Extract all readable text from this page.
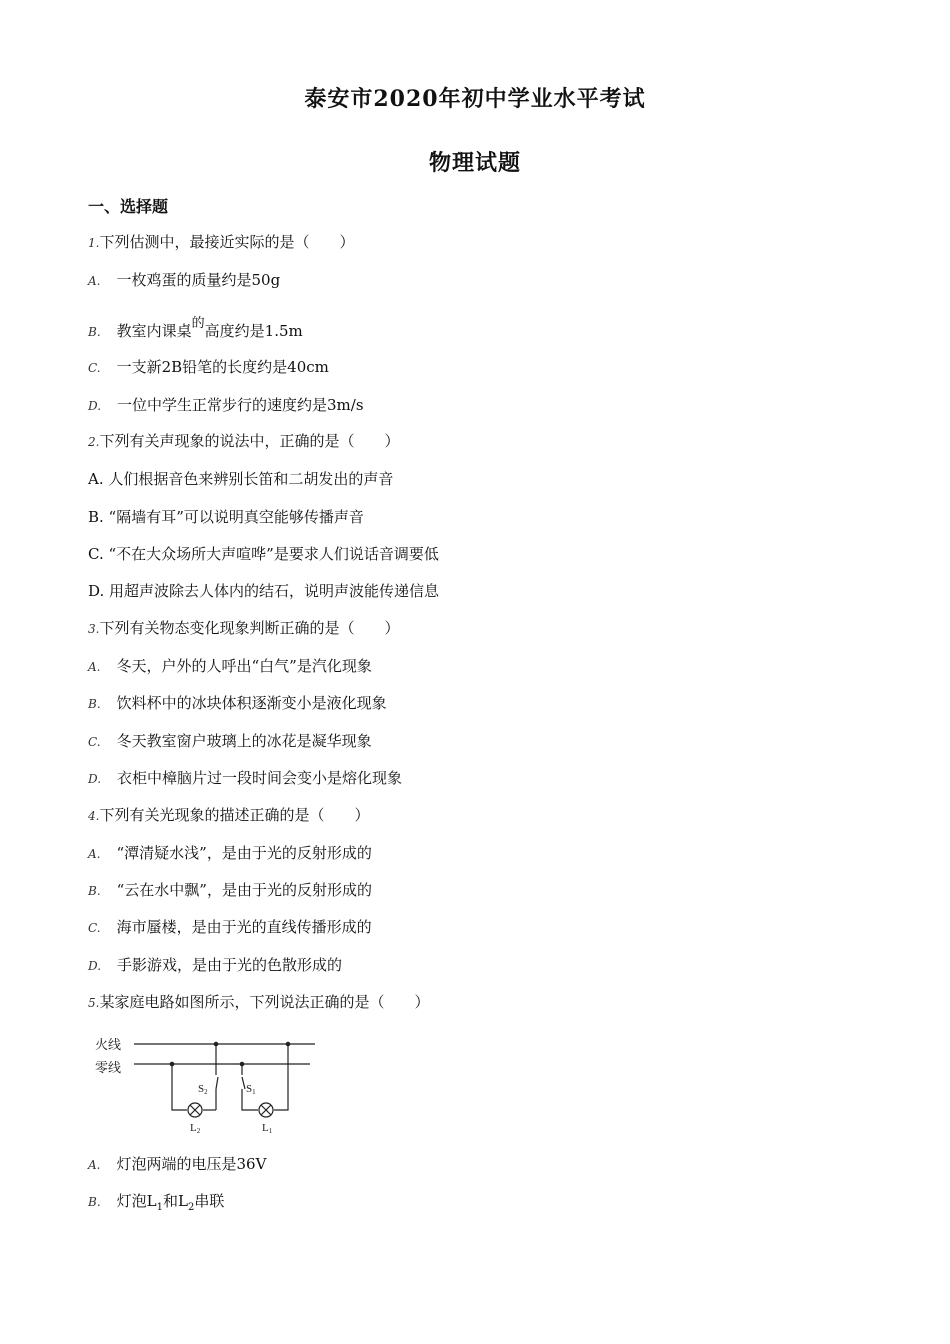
泰安市2020年初中学业水平考试
物理试题
一、选择题
1.下列估测中，最接近实际的是（　　）
A. 一枚鸡蛋的质量约是50g
B. 教室内课桌的高度约是1.5m
C. 一支新2B铅笔的长度约是40cm
D. 一位中学生正常步行的速度约是3m/s
2.下列有关声现象的说法中，正确的是（　　）
A. 人们根据音色来辨别长笛和二胡发出的声音
B. “隔墙有耳”可以说明真空能够传播声音
C. “不在大众场所大声喧哗”是要求人们说话音调要低
D. 用超声波除去人体内的结石，说明声波能传递信息
3.下列有关物态变化现象判断正确的是（　　）
A. 冬天，户外的人呼出“白气”是汽化现象
B. 饮料杯中的冰块体积逐渐变小是液化现象
C. 冬天教室窗户玻璃上的冰花是凝华现象
D. 衣柜中樟脑片过一段时间会变小是熔化现象
4.下列有关光现象的描述正确的是（　　）
A. “潭清疑水浅”，是由于光的反射形成的
B. “云在水中飘”，是由于光的反射形成的
C. 海市蜃楼，是由于光的直线传播形成的
D. 手影游戏，是由于光的色散形成的
5.某家庭电路如图所示，下列说法正确的是（　　）
火线
零线
S2	S1
L2	L1
A. 灯泡两端的电压是36V
B. 灯泡$L_1$和$L_2$串联
